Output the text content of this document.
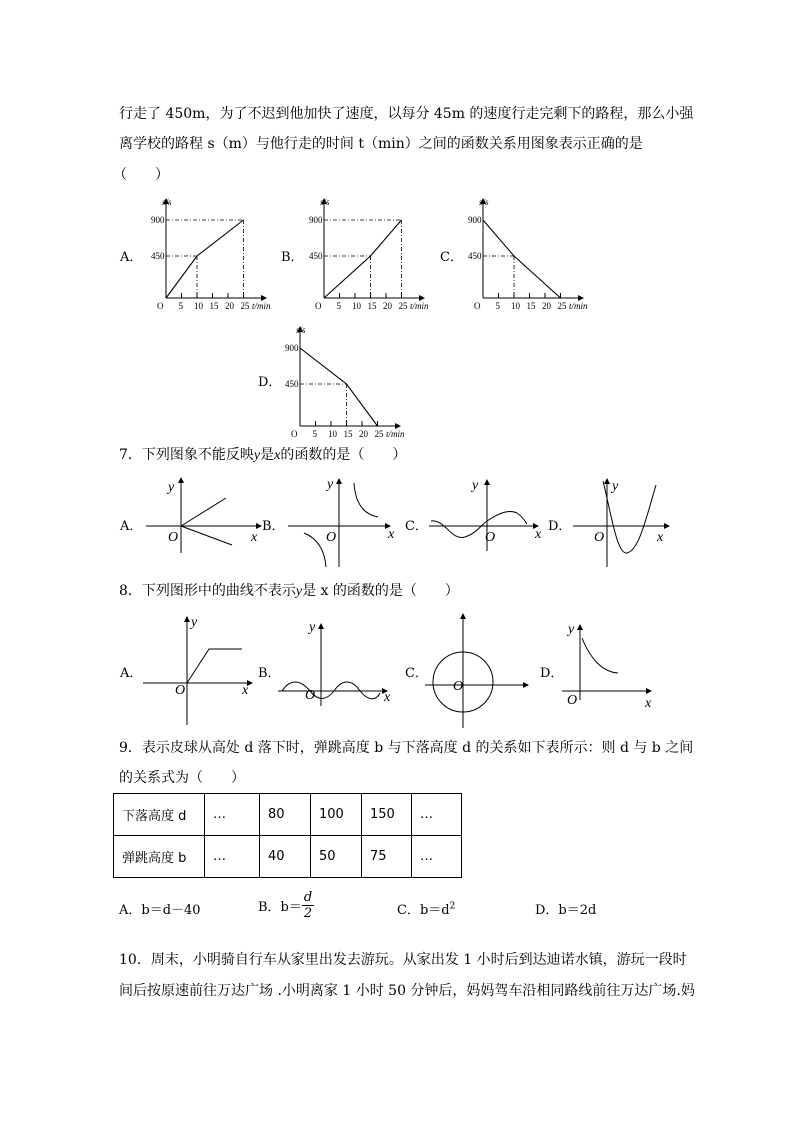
行走了 450m，为了不迟到他加快了速度，以每分 45m 的速度行走完剩下的路程，那么小强
离学校的路程 s（m）与他行走的时间 t（min）之间的函数关系用图象表示正确的是
（　　）
A．
s/s
t/min
O
900
450
5 10 15 20 25
B．
s/s
t/min
O
900
450
5 10 15 20 25
C．
s/s
t/min
O
900
450
5 10 15 20 25
D．
s/s
t/min
O
900
450
5 10 15 20 25
7．下列图象不能反映y是x的函数的是（　　）
A．	B．	C．	D．
y
x
O
y
x
O
y
x
O
y
x
O
8．下列图形中的曲线不表示y是 x 的函数的是（　　）
A．	B．	C．	D．
y
x
O
y
x
O
O
y
x
O
9．表示皮球从高处 d 落下时，弹跳高度 b 与下落高度 d 的关系如下表所示：则 d 与 b 之间
的关系式为（　　）
下落高度 d	…	80	100	150	…
弹跳高度 b	…	40	50	75	…
A．b＝d－40	B．$b= \frac{d}{2}$	C．$b=d^2$	D．b＝2d
10．周末，小明骑自行车从家里出发去游玩。从家出发 1 小时后到达迪诺水镇，游玩一段时
间后按原速前往万达广场 .小明离家 1 小时 50 分钟后，妈妈驾车沿相同路线前往万达广场.妈
